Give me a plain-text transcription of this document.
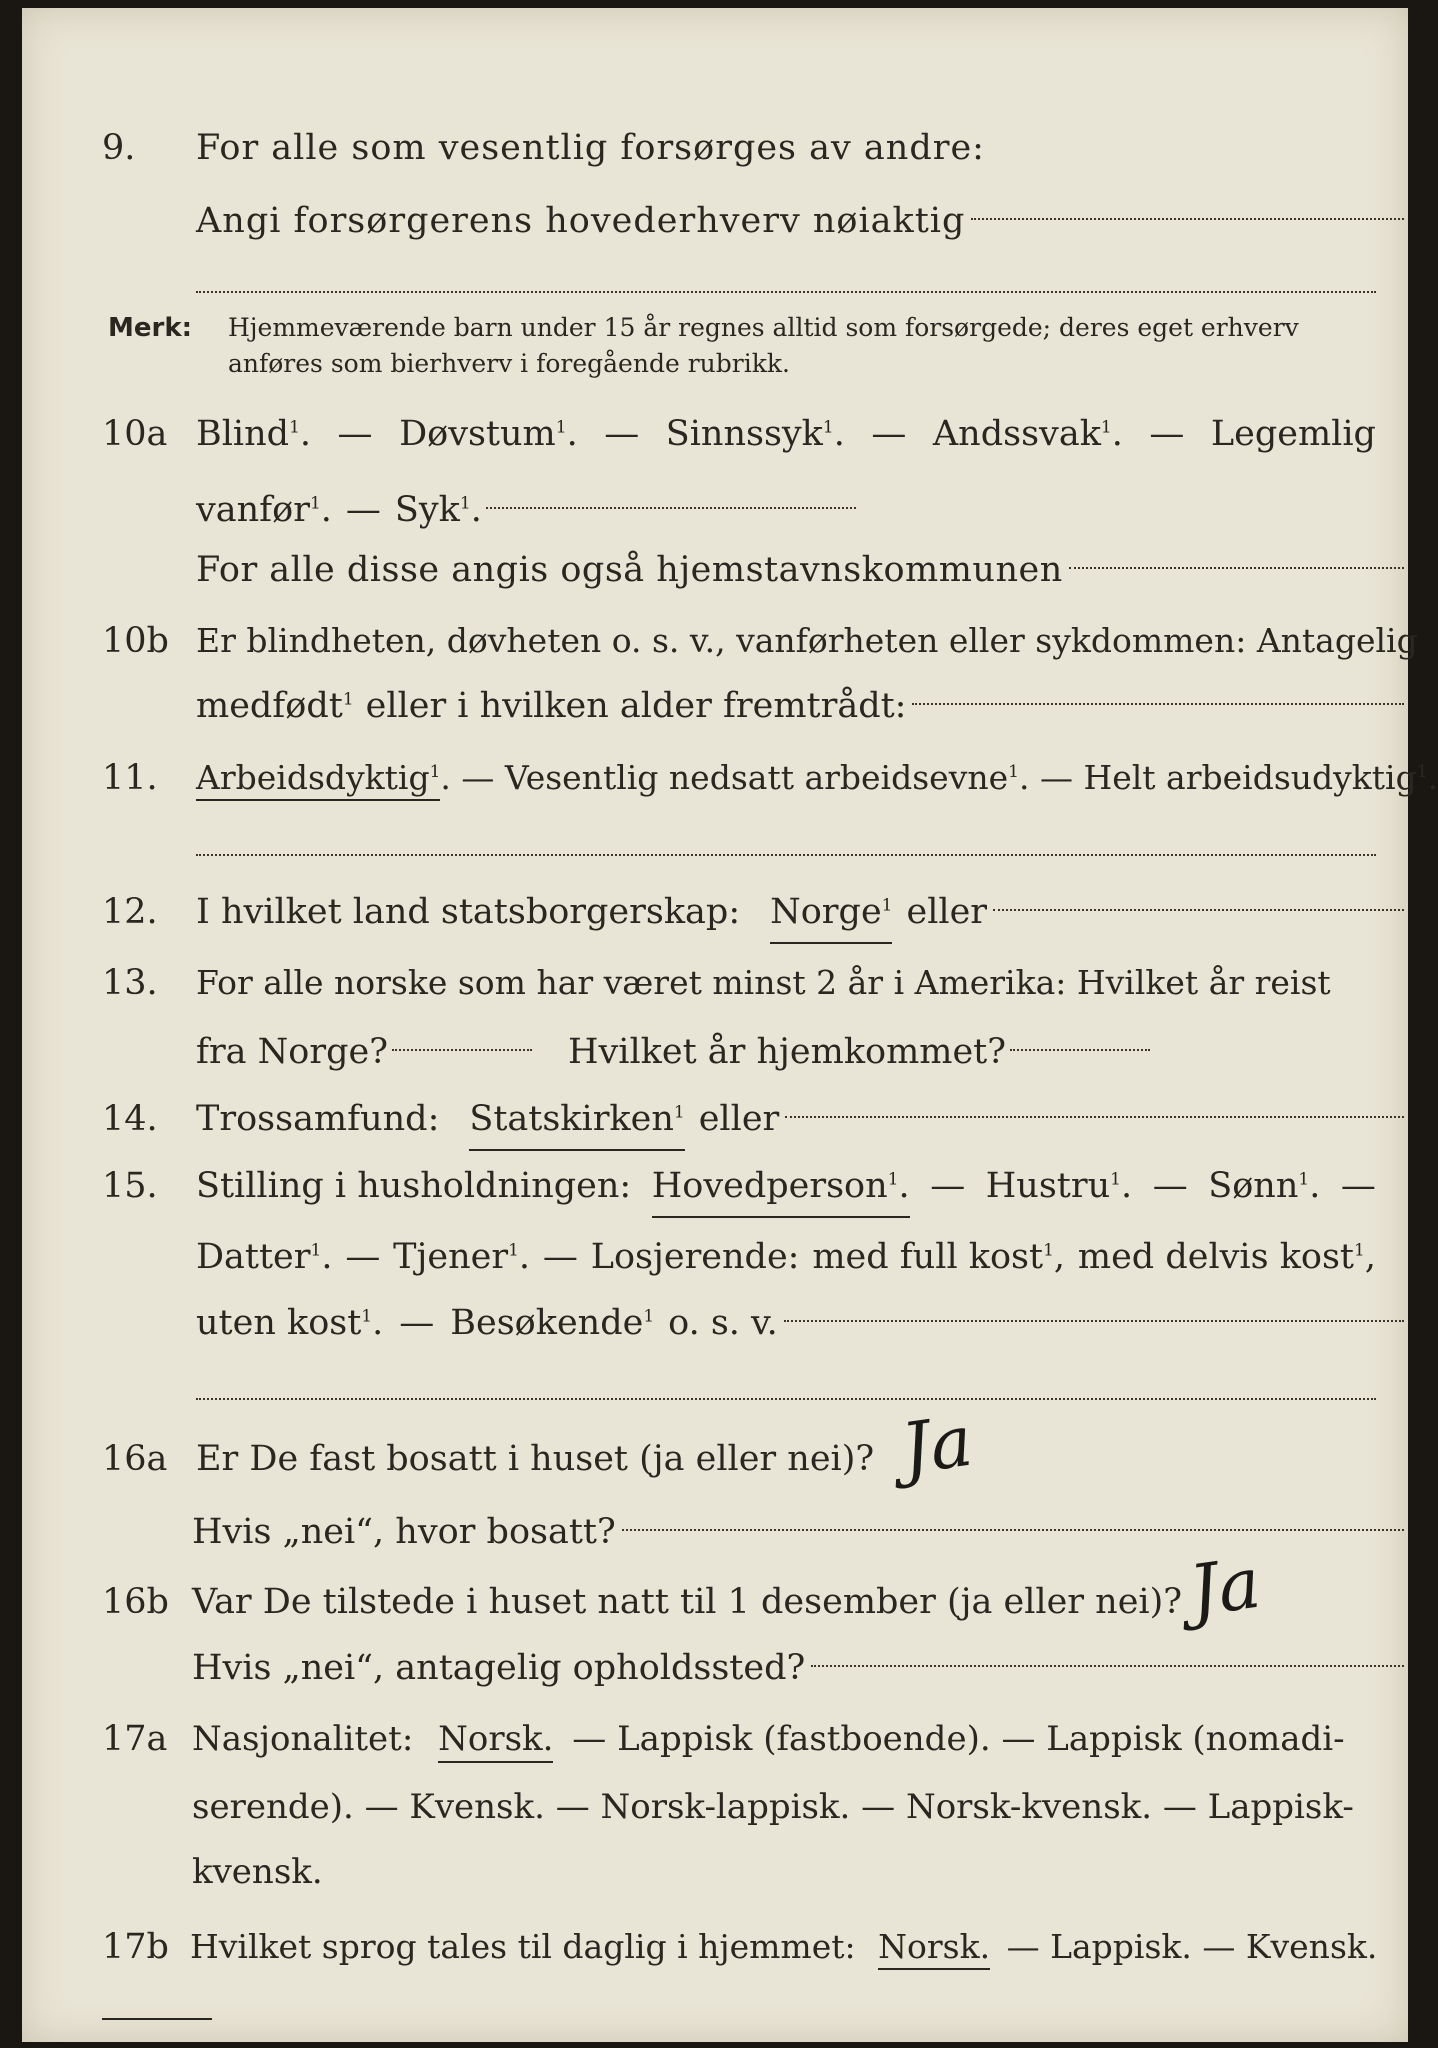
9. For alle som vesentlig forsørges av andre:
Angi forsørgerens hovederhverv nøiaktig
Merk: Hjemmeværende barn under 15 år regnes alltid som forsørgede; deres eget erhverv
anføres som bierhverv i foregående rubrikk.
10a Blind$^1$. — Døvstum$^1$. — Sinnssyk$^1$. — Andssvak$^1$. — Legemlig
vanfør$^1$. — Syk$^1$.
For alle disse angis også hjemstavnskommunen
10b Er blindheten, døvheten o. s. v., vanførheten eller sykdommen: Antagelig
medfødt$^1$ eller i hvilken alder fremtrådt:
11. Arbeidsdyktig$^1$. — Vesentlig nedsatt arbeidsevne$^1$. — Helt arbeidsudyktig$^1$.
12. I hvilket land statsborgerskap: Norge$^1$ eller
13. For alle norske som har været minst 2 år i Amerika: Hvilket år reist
fra Norge?	Hvilket år hjemkommet?
14. Trossamfund: Statskirken$^1$ eller
15. Stilling i husholdningen: Hovedperson$^1$. — Hustru$^1$. — Sønn$^1$. —
Datter$^1$. — Tjener$^1$. — Losjerende: med full kost$^1$, med delvis kost$^1$,
uten kost$^1$. — Besøkende$^1$ o. s. v.
16a Er De fast bosatt i huset (ja eller nei)? Ja
Hvis „nei“, hvor bosatt?
16b Var De tilstede i huset natt til 1 desember (ja eller nei)? Ja
Hvis „nei“, antagelig opholdssted?
17a Nasjonalitet: Norsk. — Lappisk (fastboende). — Lappisk (nomadi-
serende). — Kvensk. — Norsk-lappisk. — Norsk-kvensk. — Lappisk-
kvensk.
17b Hvilket sprog tales til daglig i hjemmet: Norsk. — Lappisk. — Kvensk.
